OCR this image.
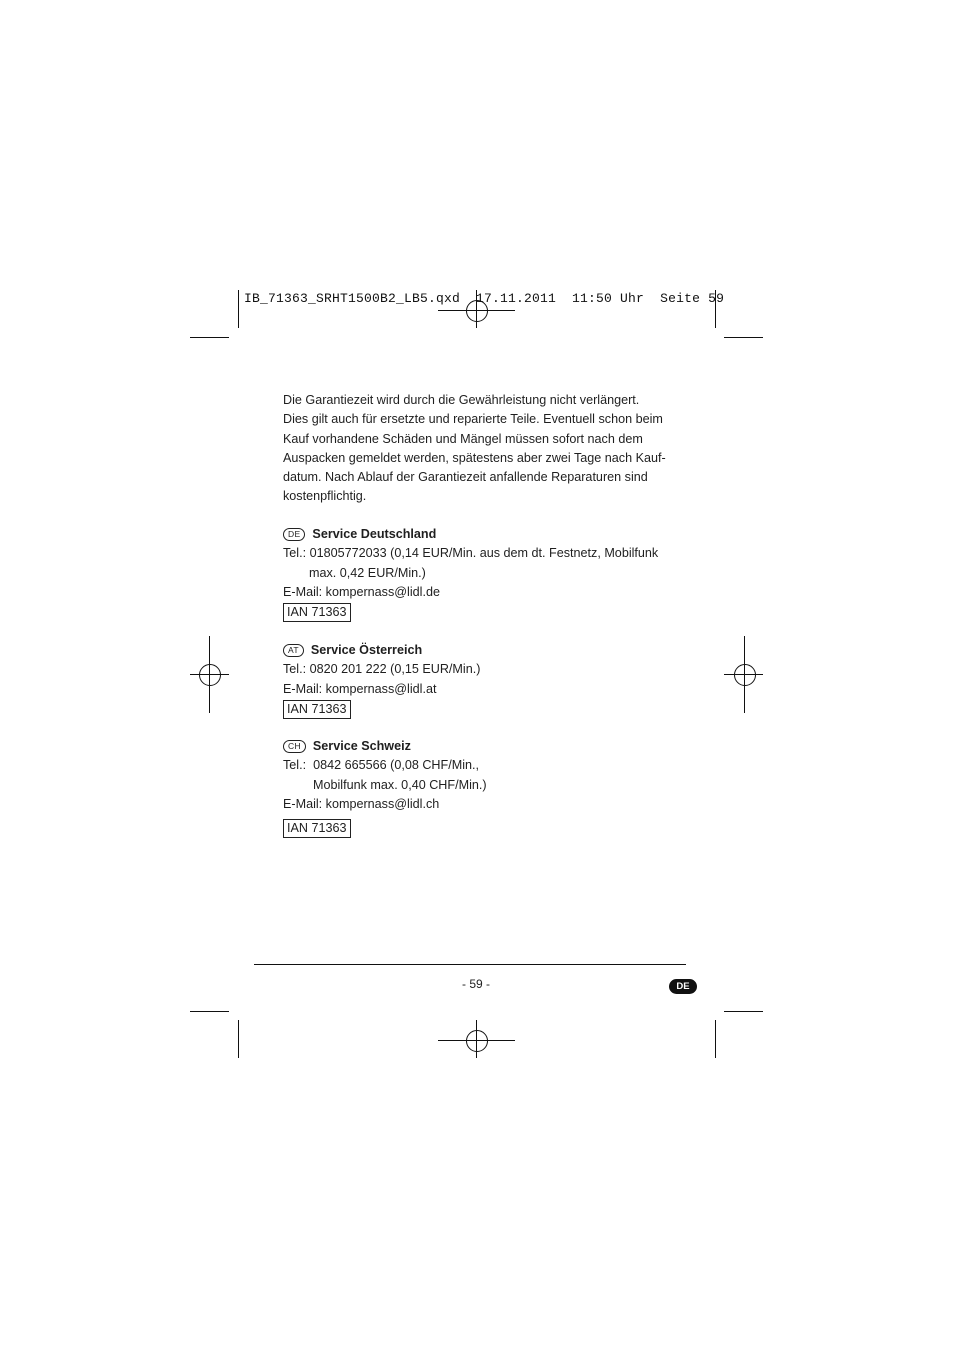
IB_71363_SRHT1500B2_LB5.qxd  17.11.2011  11:50 Uhr  Seite 59
Die Garantiezeit wird durch die Gewährleistung nicht verlängert.
Dies gilt auch für ersetzte und reparierte Teile. Eventuell schon beim
Kauf vorhandene Schäden und Mängel müssen sofort nach dem
Auspacken gemeldet werden, spätestens aber zwei Tage nach Kauf-
datum. Nach Ablauf der Garantiezeit anfallende Reparaturen sind
kostenpflichtig.
DE Service Deutschland
Tel.: 01805772033 (0,14 EUR/Min. aus dem dt. Festnetz, Mobilfunk
max. 0,42 EUR/Min.)
E-Mail: kompernass@lidl.de
IAN 71363
AT Service Österreich
Tel.: 0820 201 222 (0,15 EUR/Min.)
E-Mail: kompernass@lidl.at
IAN 71363
CH Service Schweiz
Tel.:  0842 665566 (0,08 CHF/Min.,
Mobilfunk max. 0,40 CHF/Min.)
E-Mail: kompernass@lidl.ch
IAN 71363
- 59 -	DE
